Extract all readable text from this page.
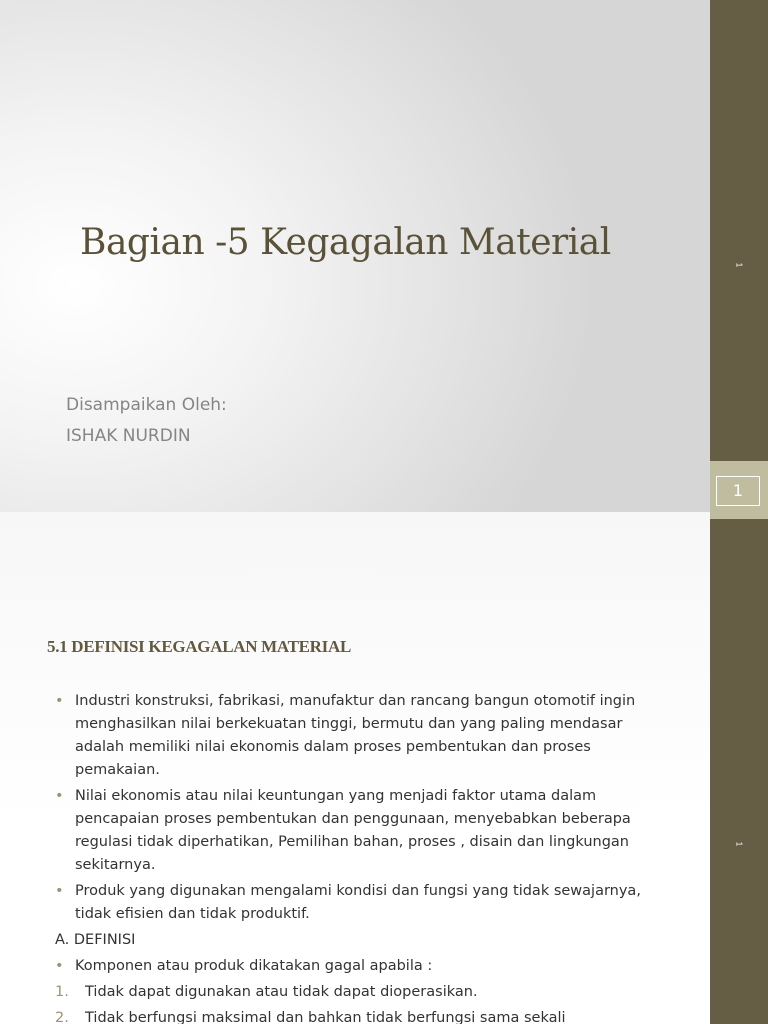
Bagian -5 Kegagalan Material
Disampaikan Oleh:
ISHAK NURDIN
1
1
5.1 DEFINISI KEGAGALAN MATERIAL

• Industri konstruksi, fabrikasi, manufaktur dan rancang bangun otomotif ingin menghasilkan nilai berkekuatan tinggi, bermutu dan yang paling mendasar adalah memiliki nilai ekonomis dalam proses pembentukan dan proses pemakaian.

• Nilai ekonomis atau nilai keuntungan yang menjadi faktor utama dalam pencapaian proses pembentukan dan penggunaan, menyebabkan beberapa regulasi tidak diperhatikan, Pemilihan bahan, proses , disain dan lingkungan sekitarnya.

• Produk yang digunakan mengalami kondisi dan fungsi yang tidak sewajarnya, tidak efisien dan tidak produktif.

A. DEFINISI

• Komponen atau produk dikatakan gagal apabila :

1. Tidak dapat digunakan atau tidak dapat dioperasikan.

2. Tidak berfungsi maksimal dan bahkan tidak berfungsi sama sekali

1
